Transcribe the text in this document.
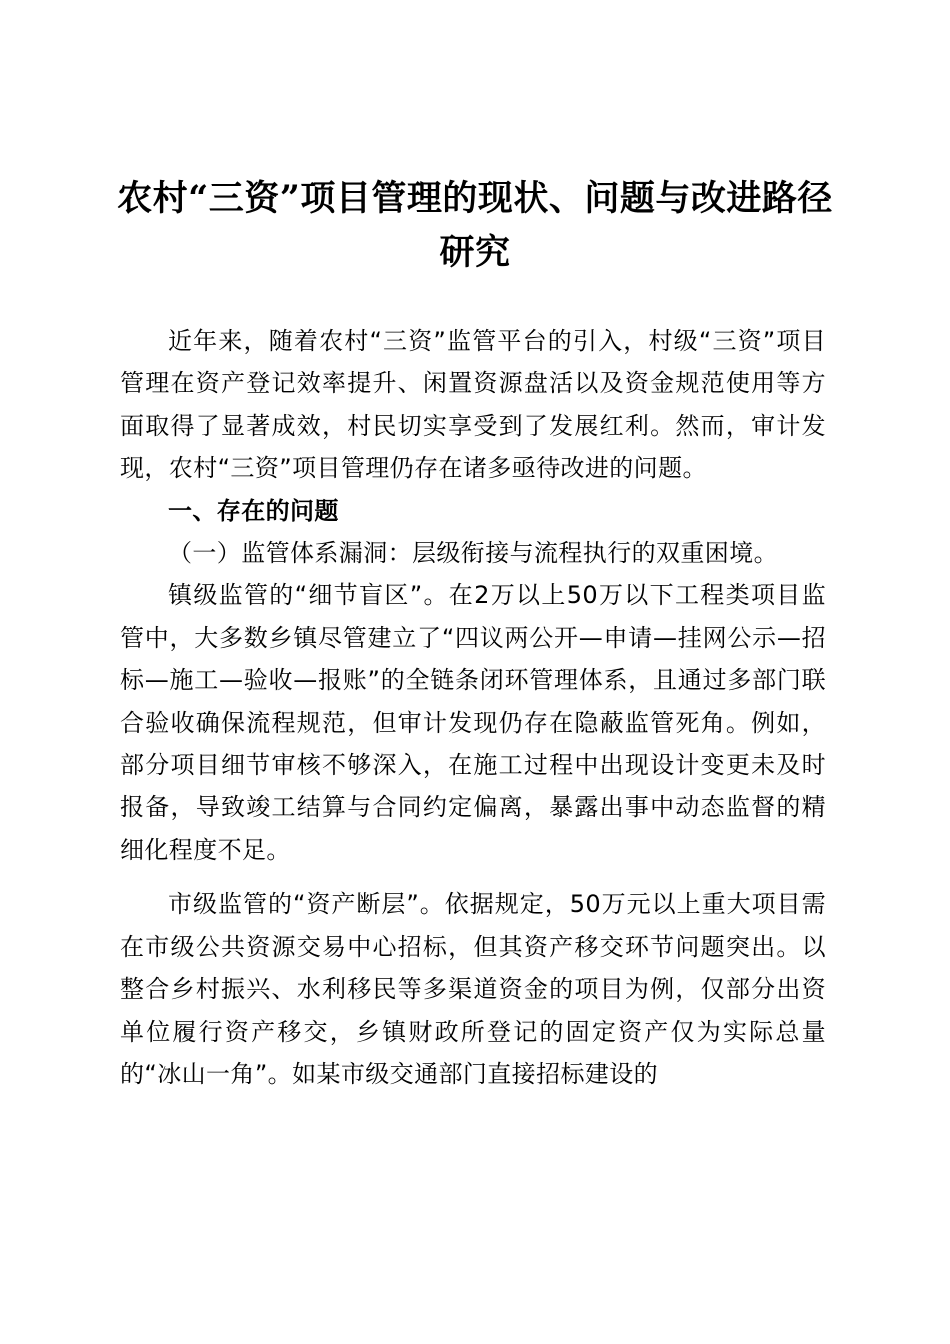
农村“三资”项目管理的现状、问题与改进路径研究

近年来，随着农村“三资”监管平台的引入，村级“三资”项目管理在资产登记效率提升、闲置资源盘活以及资金规范使用等方面取得了显著成效，村民切实享受到了发展红利。然而，审计发现，农村“三资”项目管理仍存在诸多亟待改进的问题。

一、存在的问题

（一）监管体系漏洞：层级衔接与流程执行的双重困境。

镇级监管的“细节盲区”。在2万以上50万以下工程类项目监管中，大多数乡镇尽管建立了“四议两公开—申请—挂网公示—招标—施工—验收—报账”的全链条闭环管理体系，且通过多部门联合验收确保流程规范，但审计发现仍存在隐蔽监管死角。例如，部分项目细节审核不够深入，在施工过程中出现设计变更未及时报备，导致竣工结算与合同约定偏离，暴露出事中动态监督的精细化程度不足。

市级监管的“资产断层”。依据规定，50万元以上重大项目需在市级公共资源交易中心招标，但其资产移交环节问题突出。以整合乡村振兴、水利移民等多渠道资金的项目为例，仅部分出资单位履行资产移交，乡镇财政所登记的固定资产仅为实际总量的“冰山一角”。如某市级交通部门直接招标建设的
